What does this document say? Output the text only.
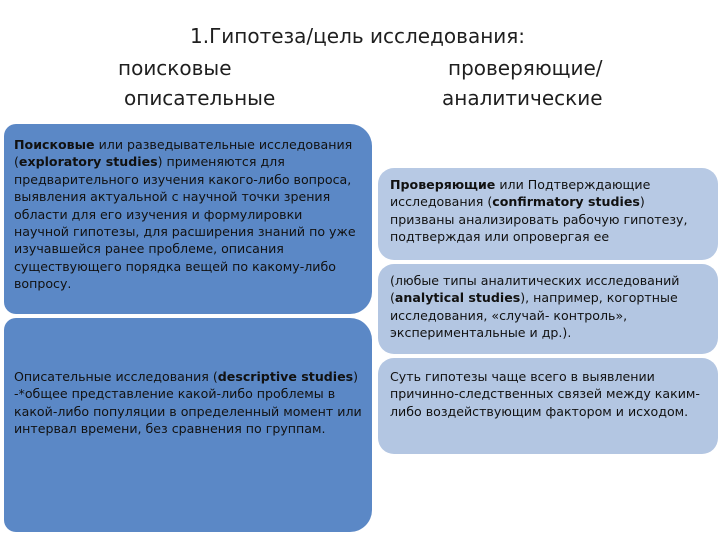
1.Гипотеза/цель исследования:
поисковые	проверяющие/
описательные	аналитические
Поисковые или разведывательные исследования (exploratory studies) применяются для предварительного изучения какого-либо вопроса, выявления актуальной с научной точки зрения области для его изучения и формулировки научной гипотезы, для расширения знаний по уже изучавшейся ранее проблеме, описания существующего порядка вещей по какому-либо вопросу.
Описательные исследования (descriptive studies) -*общее представление какой-либо проблемы в какой-либо популяции в определенный момент или интервал времени, без сравнения по группам.
Проверяющие или Подтверждающие исследования (confirmatory studies) призваны анализировать рабочую гипотезу, подтверждая или опровергая ее
(любые типы аналитических исследований (analytical studies), например, когортные исследования, «случай- контроль», экспериментальные и др.).
Суть гипотезы чаще всего в выявлении причинно-следственных связей между каким-либо воздействующим фактором и исходом.
